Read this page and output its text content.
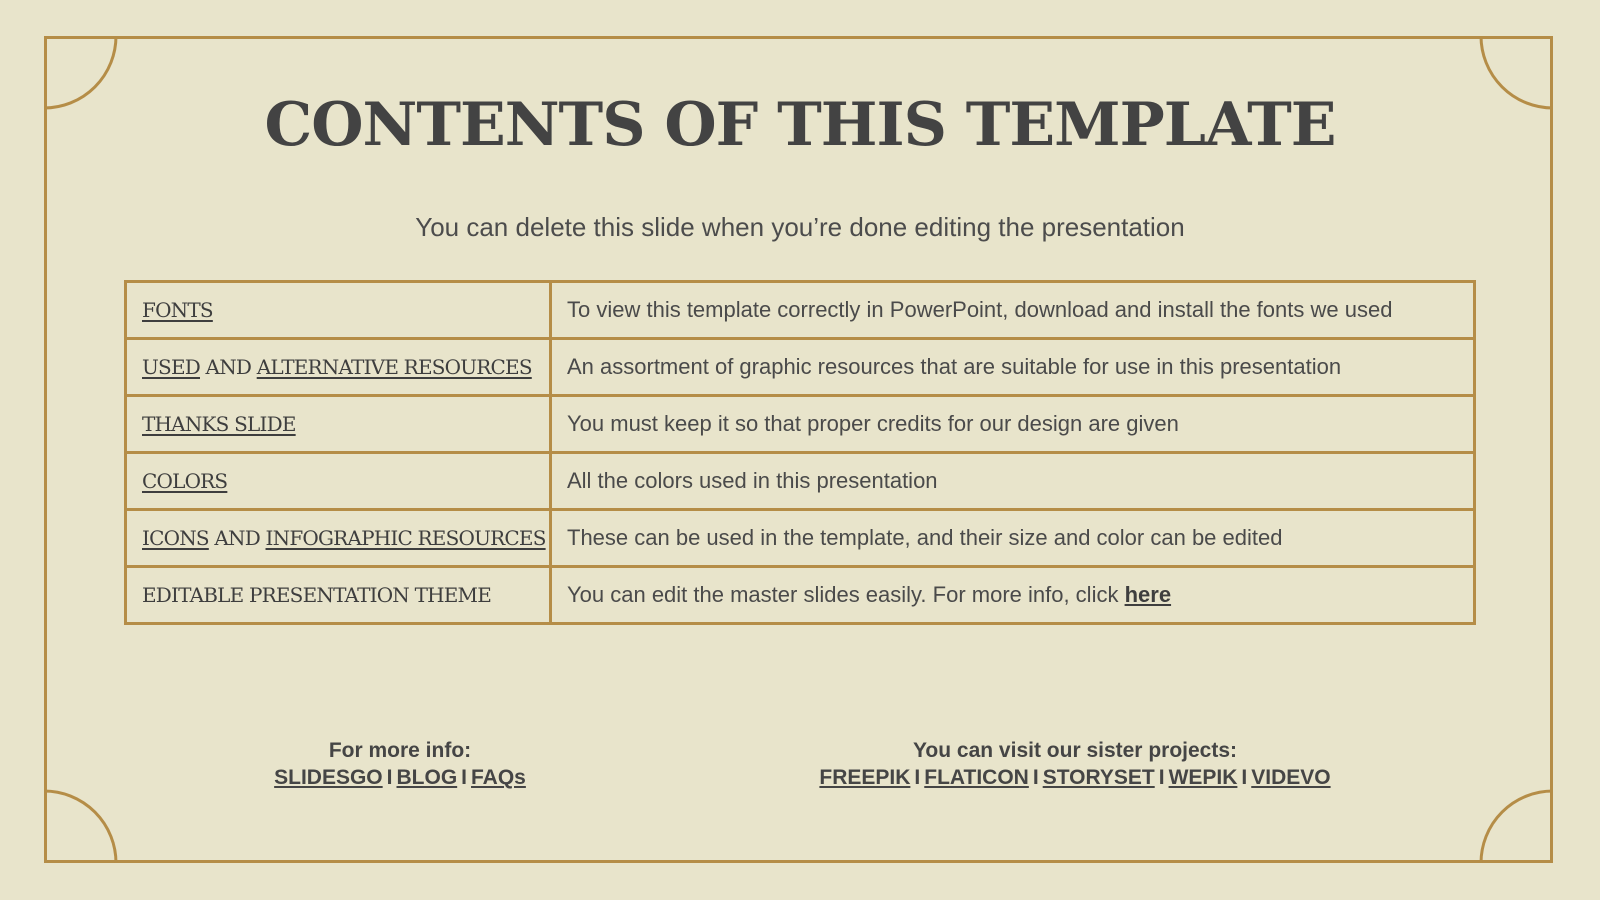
CONTENTS OF THIS TEMPLATE
You can delete this slide when you’re done editing the presentation
FONTS	To view this template correctly in PowerPoint, download and install the fonts we used
USED AND ALTERNATIVE RESOURCES	An assortment of graphic resources that are suitable for use in this presentation
THANKS SLIDE	You must keep it so that proper credits for our design are given
COLORS	All the colors used in this presentation
ICONS AND INFOGRAPHIC RESOURCES	These can be used in the template, and their size and color can be edited
EDITABLE PRESENTATION THEME	You can edit the master slides easily. For more info, click here
For more info:
SLIDESGO I BLOG I FAQs
You can visit our sister projects:
FREEPIK I FLATICON I STORYSET I WEPIK I VIDEVO
